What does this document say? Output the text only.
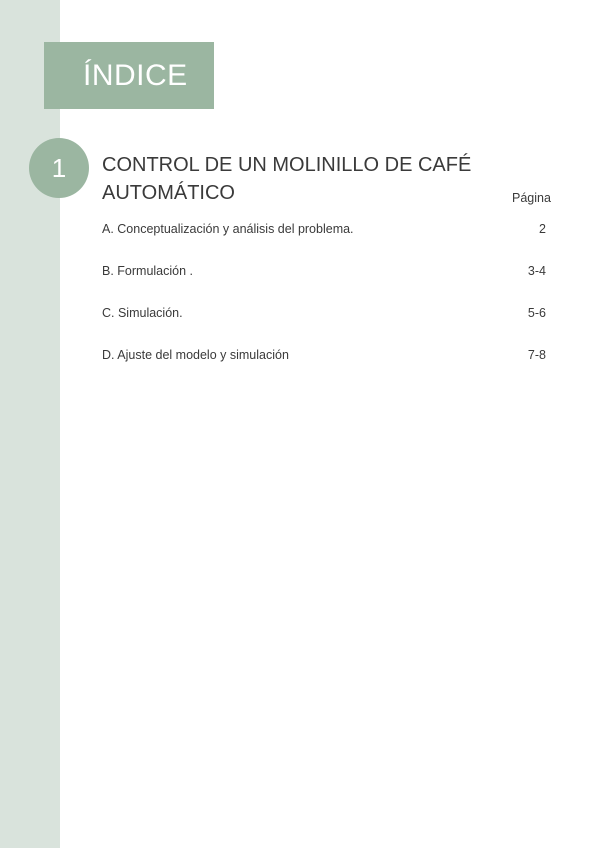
ÍNDICE
1	CONTROL DE UN MOLINILLO DE CAFÉ AUTOMÁTICO	Página
A. Conceptualización y análisis del problema.	2
B. Formulación .	3-4
C. Simulación.	5-6
D. Ajuste del modelo y simulación	7-8
